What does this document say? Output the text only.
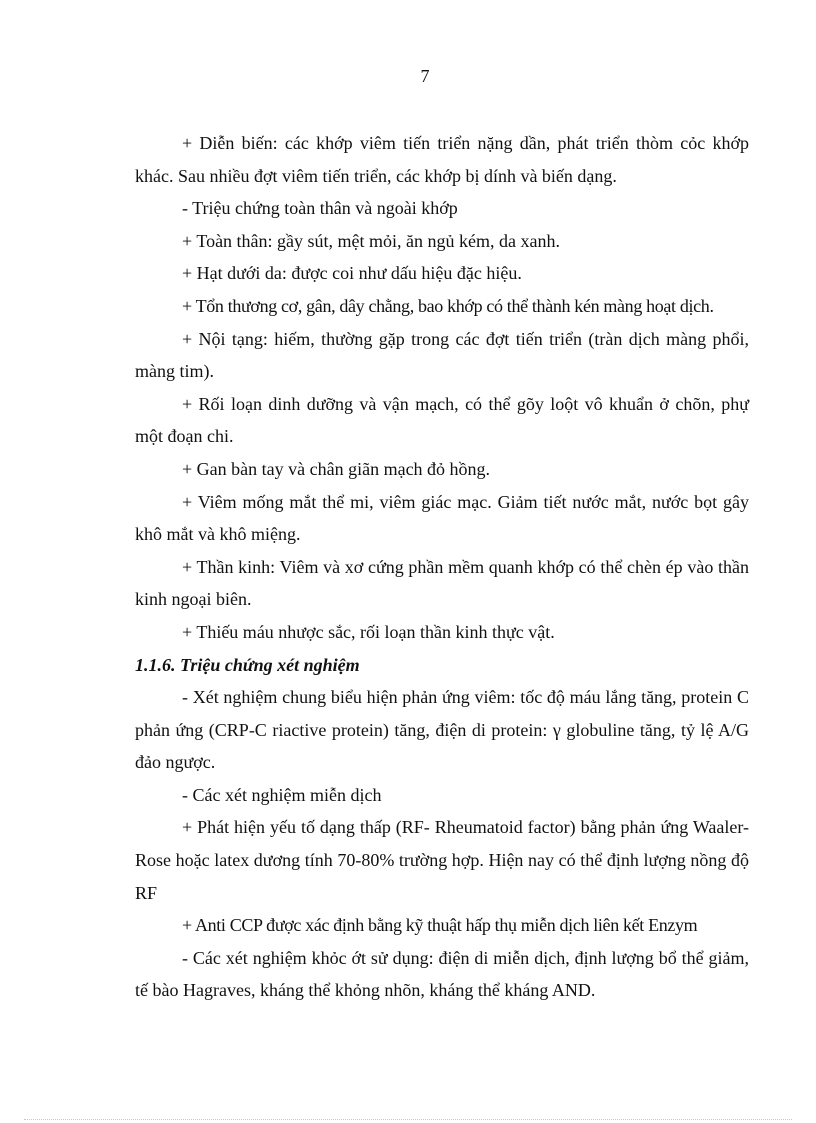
7

+ Diễn biến: các khớp viêm tiến triển nặng dần, phát triển thòm cỏc khớp khác. Sau nhiều đợt viêm tiến triển, các khớp bị dính và biến dạng.

- Triệu chứng toàn thân và ngoài khớp

+ Toàn thân: gầy sút, mệt mỏi, ăn ngủ kém, da xanh.

+ Hạt dưới da: được coi như dấu hiệu đặc hiệu.

+ Tổn thương cơ, gân, dây chằng, bao khớp có thể thành kén màng hoạt dịch.

+ Nội tạng: hiếm, thường gặp trong các đợt tiến triển (tràn dịch màng phổi, màng tim).

+ Rối loạn dinh dưỡng và vận mạch, có thể gõy loột vô khuẩn ở chõn, phự một đoạn chi.

+ Gan bàn tay và chân giãn mạch đỏ hồng.

+ Viêm mống mắt thể mi, viêm giác mạc. Giảm tiết nước mắt, nước bọt gây khô mắt và khô miệng.

+ Thần kinh: Viêm và xơ cứng phần mềm quanh khớp có thể chèn ép vào thần kinh ngoại biên.

+ Thiếu máu nhược sắc, rối loạn thần kinh thực vật.

1.1.6. Triệu chứng xét nghiệm

- Xét nghiệm chung biểu hiện phản ứng viêm: tốc độ máu lắng tăng, protein C phản ứng (CRP-C riactive protein) tăng, điện di protein: γ globuline tăng, tỷ lệ A/G đảo ngược.

- Các xét nghiệm miễn dịch

+ Phát hiện yếu tố dạng thấp (RF- Rheumatoid factor) bằng phản ứng Waaler-Rose hoặc latex dương tính 70-80% trường hợp. Hiện nay có thể định lượng nồng độ RF

+ Anti CCP được xác định bằng kỹ thuật hấp thụ miễn dịch liên kết Enzym

- Các xét nghiệm khỏc ớt sử dụng: điện di miễn dịch, định lượng bổ thể giảm, tế bào Hagraves, kháng thể khỏng nhõn, kháng thể kháng AND.
